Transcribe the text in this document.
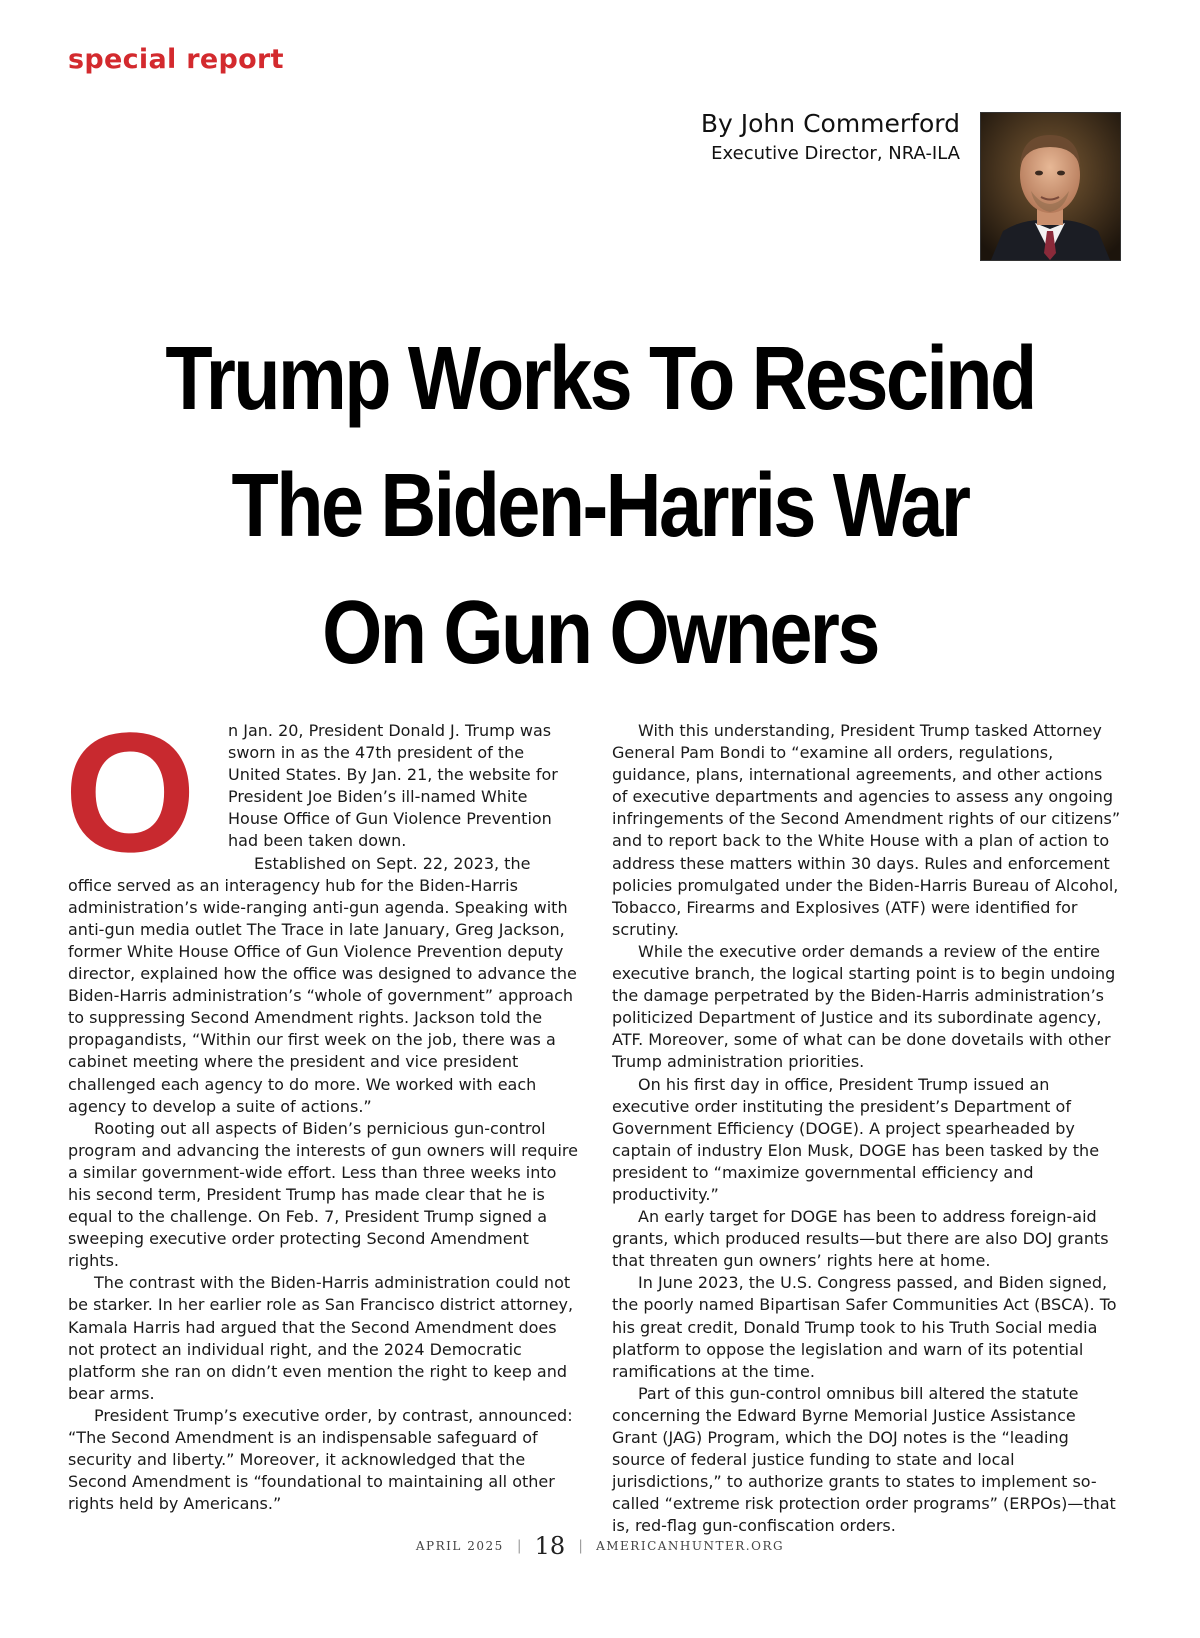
special report
By John Commerford
Executive Director, NRA-ILA
Trump Works To Rescind
The Biden-Harris War
On Gun Owners
O	n Jan. 20, President Donald J. Trump was sworn in as the 47th president of the United States. By Jan. 21, the website for President Joe Biden’s ill-named White House Office of Gun Violence Prevention had been taken down.

Established on Sept. 22, 2023, the office served as an interagency hub for the Biden-Harris administration’s wide-ranging anti-gun agenda. Speaking with anti-gun media outlet The Trace in late January, Greg Jackson, former White House Office of Gun Violence Prevention deputy director, explained how the office was designed to advance the Biden-Harris administration’s “whole of government” approach to suppressing Second Amendment rights. Jackson told the propagandists, “Within our first week on the job, there was a cabinet meeting where the president and vice president challenged each agency to do more. We worked with each agency to develop a suite of actions.”

Rooting out all aspects of Biden’s pernicious gun-control program and advancing the interests of gun owners will require a similar government-wide effort. Less than three weeks into his second term, President Trump has made clear that he is equal to the challenge. On Feb. 7, President Trump signed a sweeping executive order protecting Second Amendment rights.

The contrast with the Biden-Harris administration could not be starker. In her earlier role as San Francisco district attorney, Kamala Harris had argued that the Second Amendment does not protect an individual right, and the 2024 Democratic platform she ran on didn’t even mention the right to keep and bear arms.

President Trump’s executive order, by contrast, announced: “The Second Amendment is an indispensable safeguard of security and liberty.” Moreover, it acknowledged that the Second Amendment is “foundational to maintaining all other rights held by Americans.”

With this understanding, President Trump tasked Attorney General Pam Bondi to “examine all orders, regulations, guidance, plans, international agreements, and other actions of executive departments and agencies to assess any ongoing infringements of the Second Amendment rights of our citizens” and to report back to the White House with a plan of action to address these matters within 30 days. Rules and enforcement policies promulgated under the Biden-Harris Bureau of Alcohol, Tobacco, Firearms and Explosives (ATF) were identified for scrutiny.

While the executive order demands a review of the entire executive branch, the logical starting point is to begin undoing the damage perpetrated by the Biden-Harris administration’s politicized Department of Justice and its subordinate agency, ATF. Moreover, some of what can be done dovetails with other Trump administration priorities.

On his first day in office, President Trump issued an executive order instituting the president’s Department of Government Efficiency (DOGE). A project spearheaded by captain of industry Elon Musk, DOGE has been tasked by the president to “maximize governmental efficiency and productivity.”

An early target for DOGE has been to address foreign-aid grants, which produced results—but there are also DOJ grants that threaten gun owners’ rights here at home.

In June 2023, the U.S. Congress passed, and Biden signed, the poorly named Bipartisan Safer Communities Act (BSCA). To his great credit, Donald Trump took to his Truth Social media platform to oppose the legislation and warn of its potential ramifications at the time.

Part of this gun-control omnibus bill altered the statute concerning the Edward Byrne Memorial Justice Assistance Grant (JAG) Program, which the DOJ notes is the “leading source of federal justice funding to state and local jurisdictions,” to authorize grants to states to implement so-called “extreme risk protection order programs” (ERPOs)—that is, red-flag gun-confiscation orders.

APRIL 2025 | 18 | AMERICANHUNTER.ORG
